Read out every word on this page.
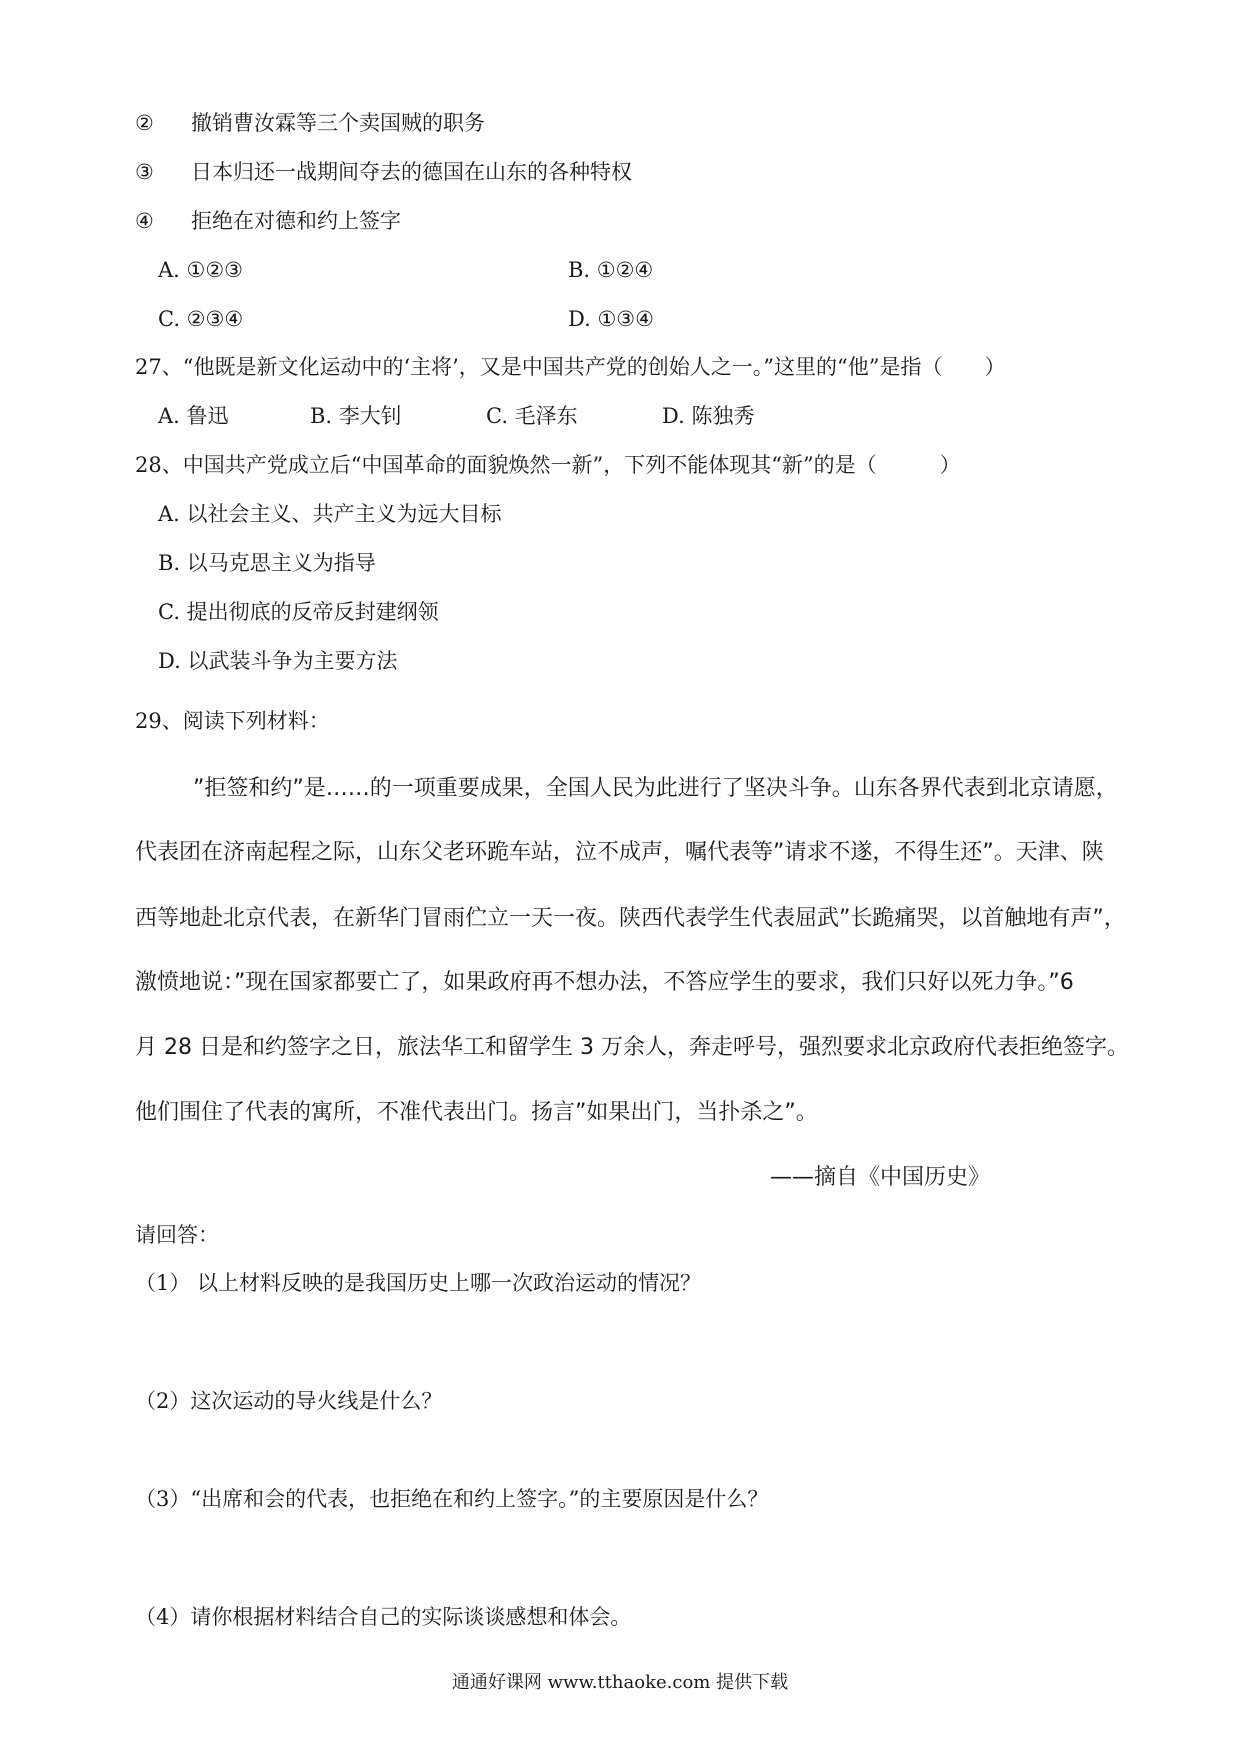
② 撤销曹汝霖等三个卖国贼的职务
③ 日本归还一战期间夺去的德国在山东的各种特权
④ 拒绝在对德和约上签字
A. ①②③	B. ①②④
C. ②③④	D. ①③④
27、“他既是新文化运动中的‘主将’，又是中国共产党的创始人之一。”这里的“他”是指（　　）
A. 鲁迅	B. 李大钊	C. 毛泽东	D. 陈独秀
28、中国共产党成立后“中国革命的面貌焕然一新”，下列不能体现其“新”的是（　　　）
A. 以社会主义、共产主义为远大目标
B. 以马克思主义为指导
C. 提出彻底的反帝反封建纲领
D. 以武装斗争为主要方法
29、阅读下列材料：
”拒签和约”是……的一项重要成果，全国人民为此进行了坚决斗争。山东各界代表到北京请愿，
代表团在济南起程之际，山东父老环跪车站，泣不成声，嘱代表等”请求不遂，不得生还”。天津、陕
西等地赴北京代表，在新华门冒雨伫立一天一夜。陕西代表学生代表屈武”长跪痛哭，以首触地有声”，
激愤地说：”现在国家都要亡了，如果政府再不想办法，不答应学生的要求，我们只好以死力争。”6
月 28 日是和约签字之日，旅法华工和留学生 3 万余人，奔走呼号，强烈要求北京政府代表拒绝签字。
他们围住了代表的寓所，不准代表出门。扬言”如果出门，当扑杀之”。
——摘自《中国历史》
请回答：
（1） 以上材料反映的是我国历史上哪一次政治运动的情况？
（2）这次运动的导火线是什么？
（3）“出席和会的代表，也拒绝在和约上签字。”的主要原因是什么？
（4）请你根据材料结合自己的实际谈谈感想和体会。
通通好课网 www.tthaoke.com 提供下载
